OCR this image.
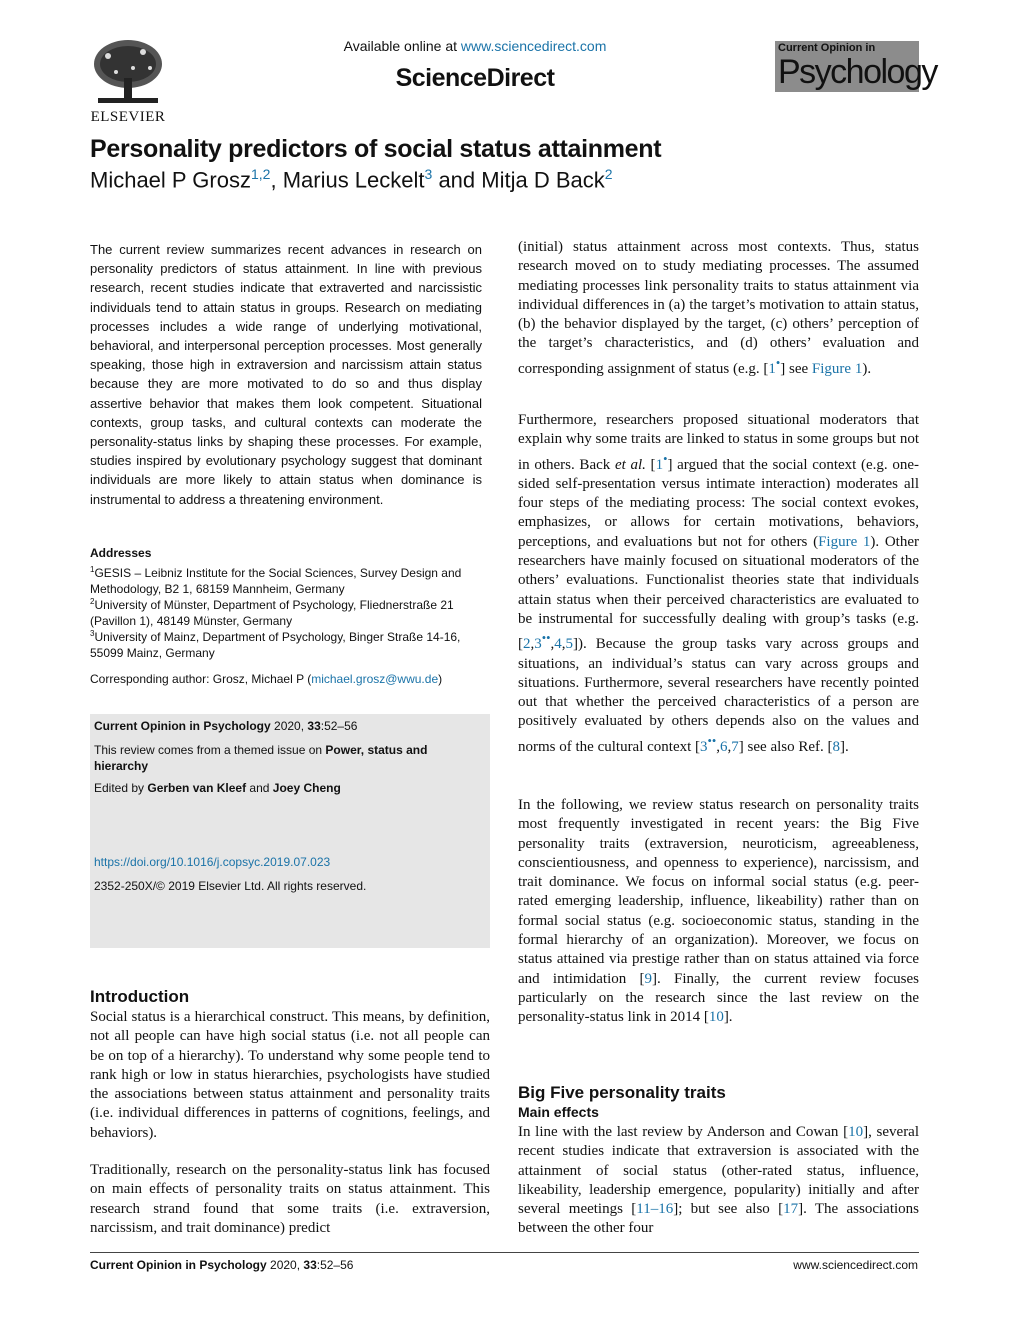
ELSEVIER
Available online at www.sciencedirect.com
ScienceDirect
Current Opinion in
Psychology
Personality predictors of social status attainment
Michael P Grosz$^{1,2}$, Marius Leckelt$^3$ and Mitja D Back$^2$
The current review summarizes recent advances in research on personality predictors of status attainment. In line with previous research, recent studies indicate that extraverted and narcissistic individuals tend to attain status in groups. Research on mediating processes includes a wide range of underlying motivational, behavioral, and interpersonal perception processes. Most generally speaking, those high in extraversion and narcissism attain status because they are more motivated to do so and thus display assertive behavior that makes them look competent. Situational contexts, group tasks, and cultural contexts can moderate the personality-status links by shaping these processes. For example, studies inspired by evolutionary psychology suggest that dominant individuals are more likely to attain status when dominance is instrumental to address a threatening environment.
Addresses
$^1$GESIS – Leibniz Institute for the Social Sciences, Survey Design and Methodology, B2 1, 68159 Mannheim, Germany
$^2$University of Münster, Department of Psychology, Fliednerstraße 21 (Pavillon 1), 48149 Münster, Germany
$^3$University of Mainz, Department of Psychology, Binger Straße 14-16, 55099 Mainz, Germany
Corresponding author: Grosz, Michael P (michael.grosz@wwu.de)
Current Opinion in Psychology 2020, 33:52–56
This review comes from a themed issue on Power, status and hierarchy
Edited by Gerben van Kleef and Joey Cheng
https://doi.org/10.1016/j.copsyc.2019.07.023
2352-250X/© 2019 Elsevier Ltd. All rights reserved.
Introduction
Social status is a hierarchical construct. This means, by definition, not all people can have high social status (i.e. not all people can be on top of a hierarchy). To understand why some people tend to rank high or low in status hierarchies, psychologists have studied the associations between status attainment and personality traits (i.e. individual differences in patterns of cognitions, feelings, and behaviors).
Traditionally, research on the personality-status link has focused on main effects of personality traits on status attainment. This research strand found that some traits (i.e. extraversion, narcissism, and trait dominance) predict
(initial) status attainment across most contexts. Thus, status research moved on to study mediating processes. The assumed mediating processes link personality traits to status attainment via individual differences in (a) the target’s motivation to attain status, (b) the behavior displayed by the target, (c) others’ perception of the target’s characteristics, and (d) others’ evaluation and corresponding assignment of status (e.g. [1•] see Figure 1).
Furthermore, researchers proposed situational moderators that explain why some traits are linked to status in some groups but not in others. Back et al. [1•] argued that the social context (e.g. one-sided self-presentation versus intimate interaction) moderates all four steps of the mediating process: The social context evokes, emphasizes, or allows for certain motivations, behaviors, perceptions, and evaluations but not for others (Figure 1). Other researchers have mainly focused on situational moderators of the others’ evaluations. Functionalist theories state that individuals attain status when their perceived characteristics are evaluated to be instrumental for successfully dealing with group’s tasks (e.g. [2,3••,4,5]). Because the group tasks vary across groups and situations, an individual’s status can vary across groups and situations. Furthermore, several researchers have recently pointed out that whether the perceived characteristics of a person are positively evaluated by others depends also on the values and norms of the cultural context [3••,6,7] see also Ref. [8].
In the following, we review status research on personality traits most frequently investigated in recent years: the Big Five personality traits (extraversion, neuroticism, agreeableness, conscientiousness, and openness to experience), narcissism, and trait dominance. We focus on informal social status (e.g. peer-rated emerging leadership, influence, likeability) rather than on formal social status (e.g. socioeconomic status, standing in the formal hierarchy of an organization). Moreover, we focus on status attained via prestige rather than on status attained via force and intimidation [9]. Finally, the current review focuses particularly on the research since the last review on the personality-status link in 2014 [10].
Big Five personality traits
Main effects
In line with the last review by Anderson and Cowan [10], several recent studies indicate that extraversion is associated with the attainment of social status (other-rated status, influence, likeability, leadership emergence, popularity) initially and after several meetings [11–16]; but see also [17]. The associations between the other four
Current Opinion in Psychology 2020, 33:52–56	www.sciencedirect.com
